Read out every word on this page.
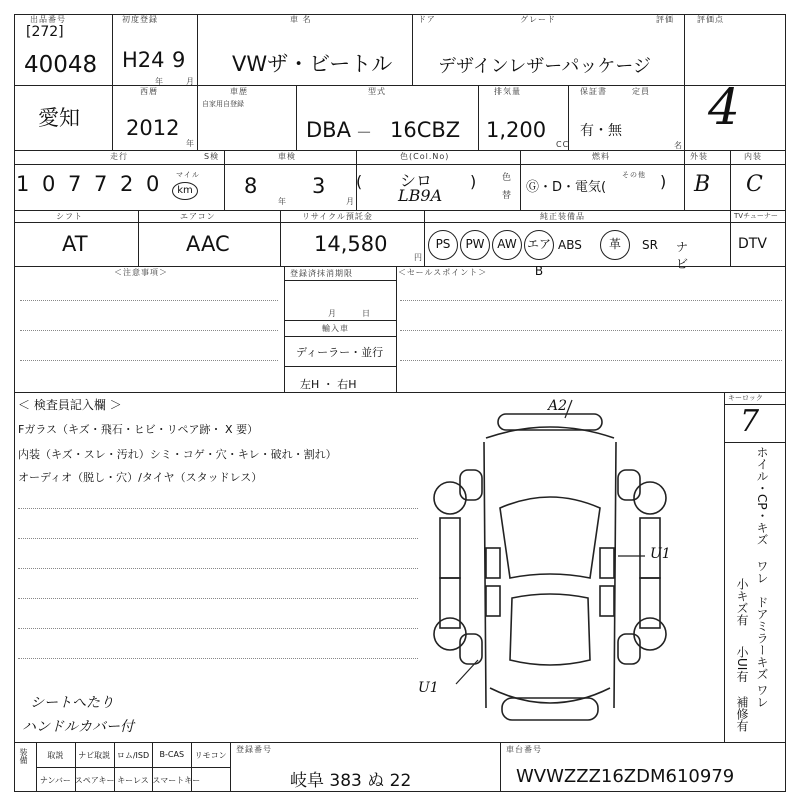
出品番号
[272]
40048
初度登録
H24 9
年	月
車 名
VWザ・ビートル
ドア	グレード
デザインレザーパッケージ
評価	評価点
4
愛知
西暦
2012
年
車歴
自家用自登録
型式
DBA － 16CBZ
排気量
1,200
CC
保証書
有・無
定員
名
走行
1 0 7 7 2 0 マイル
km
S検	車検
8
年
3
月
色(Col.No)
( シロ
LB9A
)	色
替
燃料
Ⓖ・D・電気(
その他 )
外装
B
内装
C
シフト
AT
エアコン
AAC
リサイクル預託金
14,580
円
純正装備品
PS	PW	AW エアB
ABS	革	SR ナビ
TVチューナー
DTV
＜注意事項＞	登録済抹消期限
月	日
輸入車
ディーラー・並行
左H ・ 右H
＜セールスポイント＞
＜ 検査員記入欄 ＞
Fガラス（キズ・飛石・ヒビ・リペア跡・ X 要）
内装（キズ・スレ・汚れ）シミ・コゲ・穴・キレ・破れ・割れ）
オーディオ（脱し・穴）/タイヤ（スタッドレス）
シートへたり
ハンドルカバー付
A2
U1
U1
キーロック
7
ホイル・CP・キズ
ワレ
ドアミラーキズ ワレ
小キズ有
小UI有
補修有
装備	取説	ナビ取説 ロム/ISD	B-CAS	リモコン
ナンバー スペアキー キーレス スマートキー
登録番号
岐阜 383 ぬ 22
車台番号
WVWZZZ16ZDM610979
